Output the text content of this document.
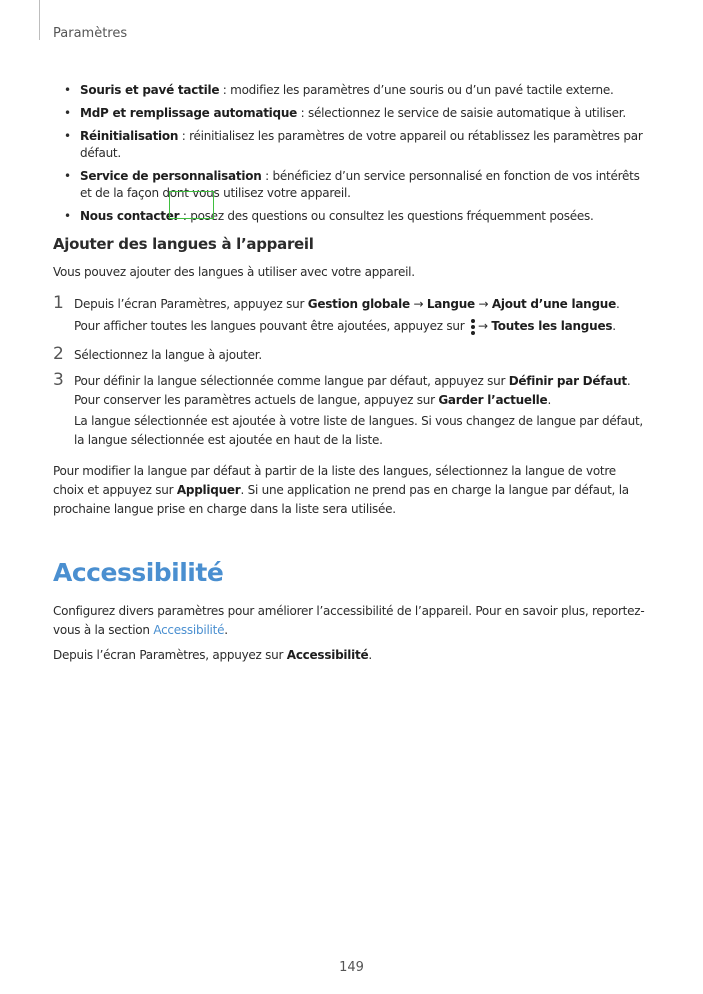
Paramètres
• Souris et pavé tactile : modifiez les paramètres d’une souris ou d’un pavé tactile externe.
• MdP et remplissage automatique : sélectionnez le service de saisie automatique à utiliser.
• Réinitialisation : réinitialisez les paramètres de votre appareil ou rétablissez les paramètres par défaut.
• Service de personnalisation : bénéficiez d’un service personnalisé en fonction de vos intérêts et de la façon dont vous utilisez votre appareil.
• Nous contacter : posez des questions ou consultez les questions fréquemment posées.
Ajouter des langues à l’appareil
Vous pouvez ajouter des langues à utiliser avec votre appareil.
1 Depuis l’écran Paramètres, appuyez sur Gestion globale → Langue → Ajout d’une langue.
Pour afficher toutes les langues pouvant être ajoutées, appuyez sur → Toutes les langues.
2 Sélectionnez la langue à ajouter.
3 Pour définir la langue sélectionnée comme langue par défaut, appuyez sur Définir par Défaut. Pour conserver les paramètres actuels de langue, appuyez sur Garder l’actuelle.
La langue sélectionnée est ajoutée à votre liste de langues. Si vous changez de langue par défaut, la langue sélectionnée est ajoutée en haut de la liste.
Pour modifier la langue par défaut à partir de la liste des langues, sélectionnez la langue de votre choix et appuyez sur Appliquer. Si une application ne prend pas en charge la langue par défaut, la prochaine langue prise en charge dans la liste sera utilisée.
Accessibilité
Configurez divers paramètres pour améliorer l’accessibilité de l’appareil. Pour en savoir plus, reportez-vous à la section Accessibilité.
Depuis l’écran Paramètres, appuyez sur Accessibilité.
149
